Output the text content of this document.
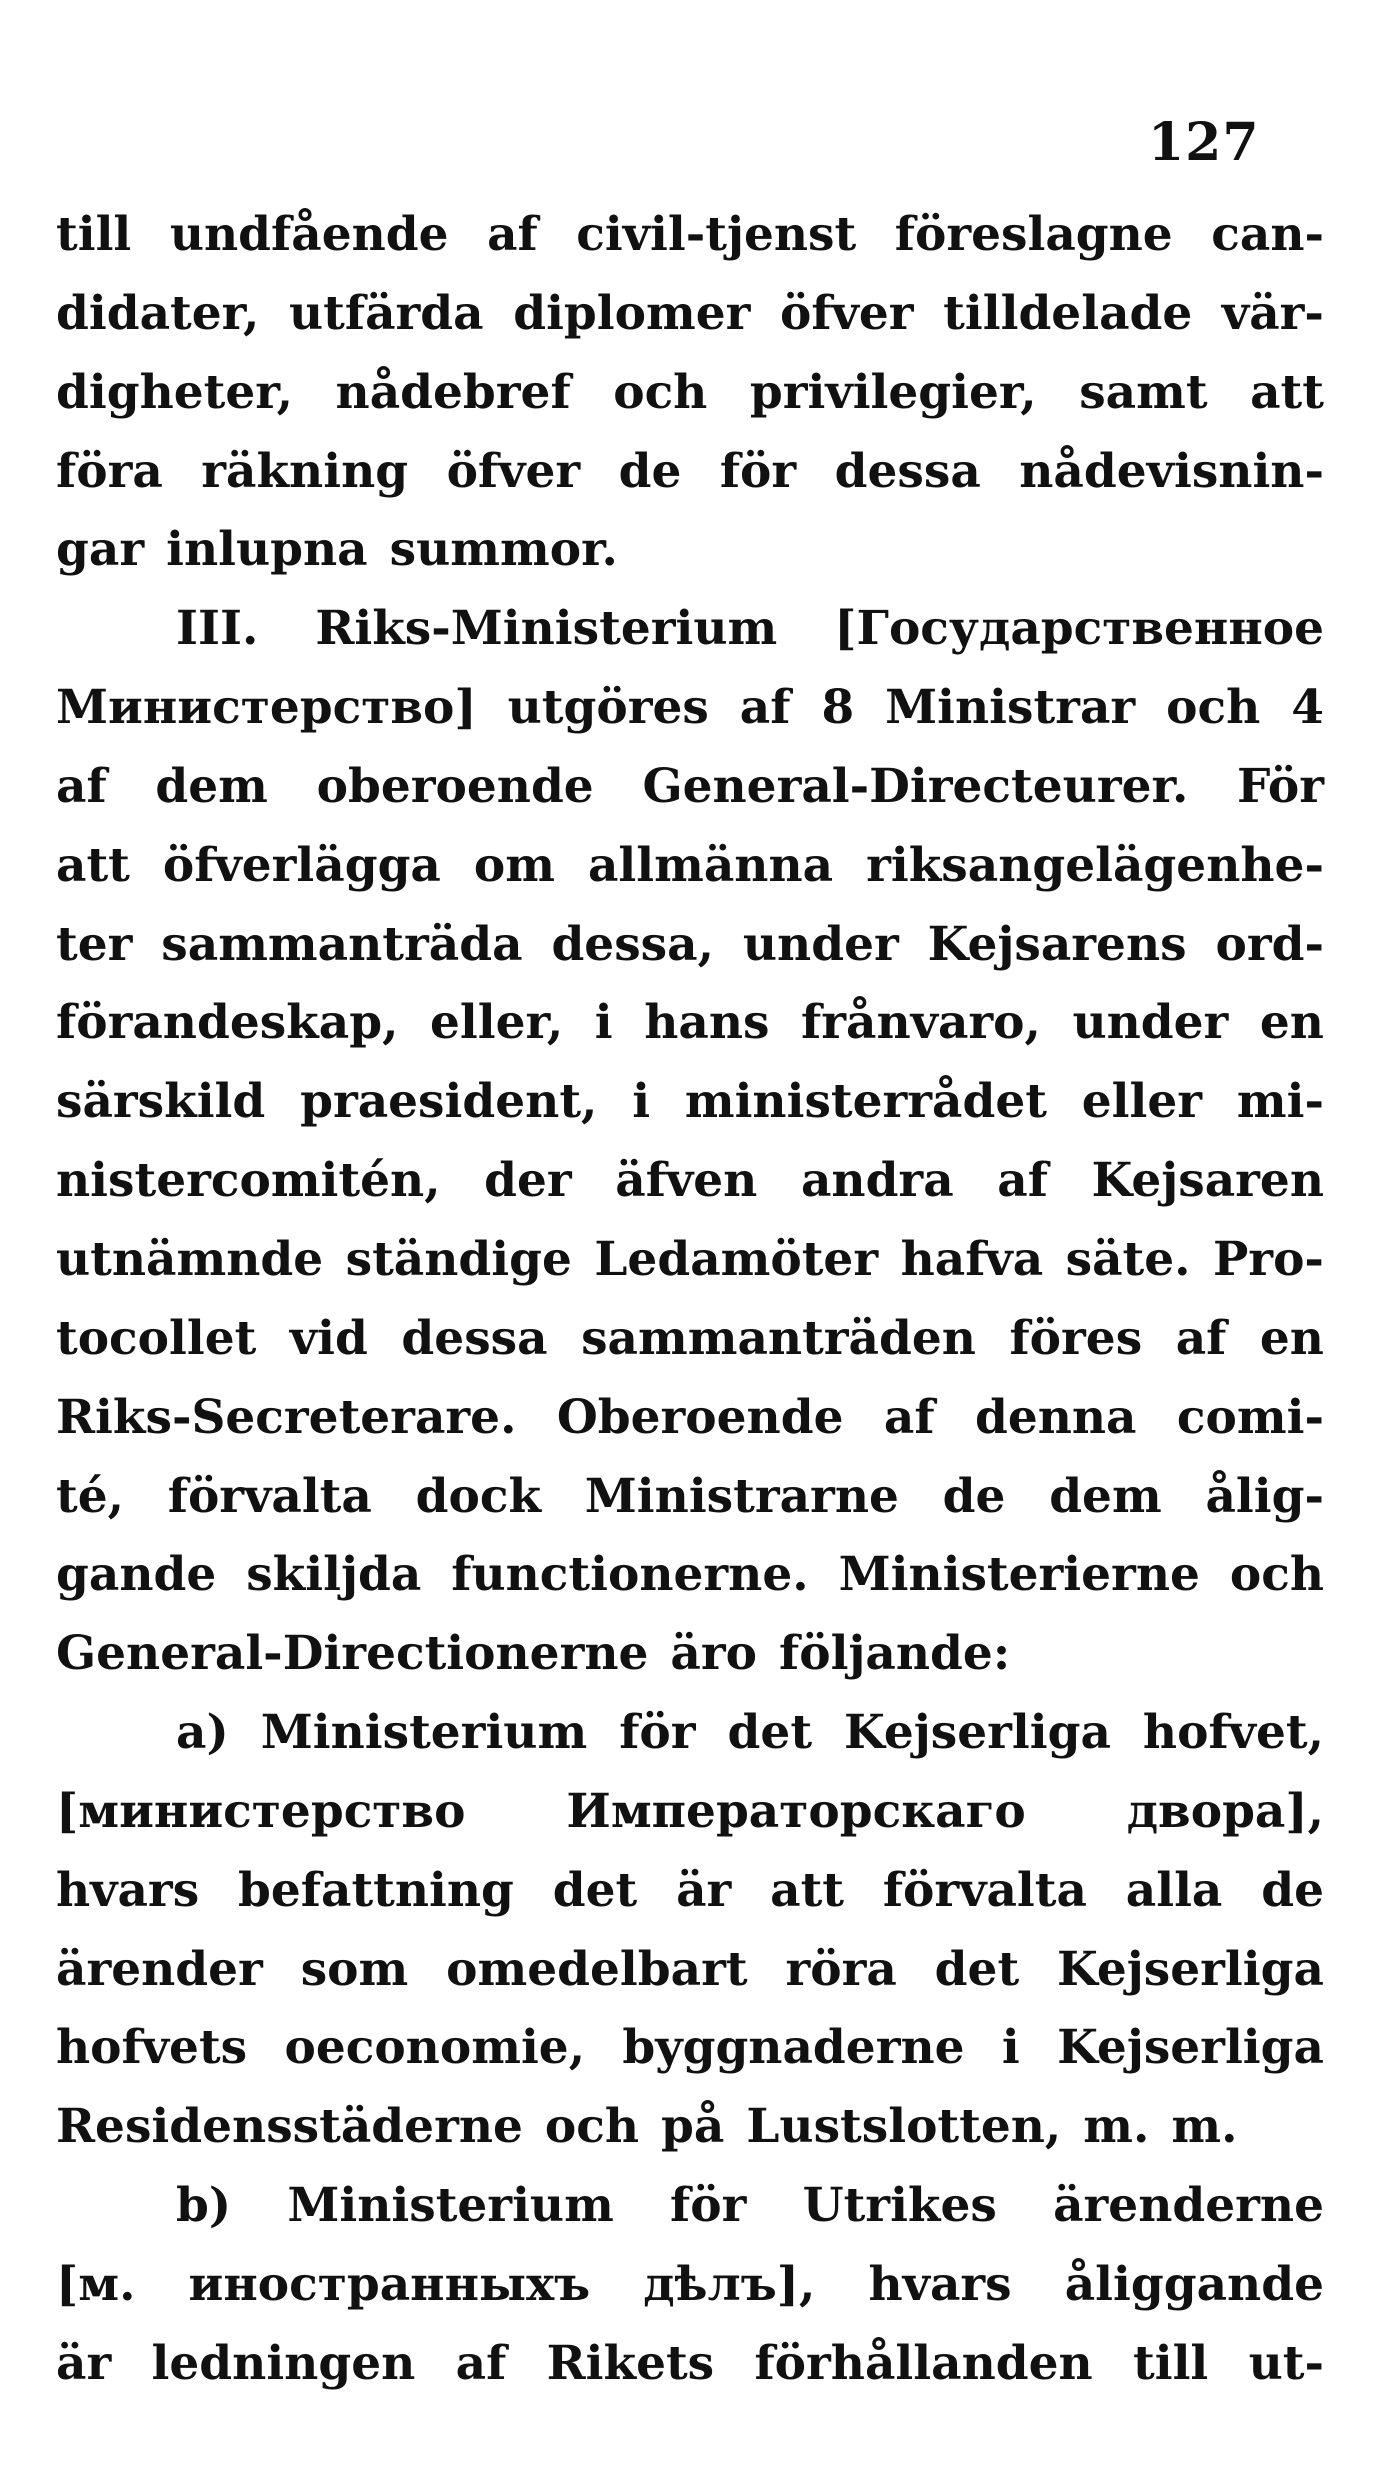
127
till undfående af civil-tjenst föreslagne can-
didater, utfärda diplomer öfver tilldelade vär-
digheter, nådebref och privilegier, samt att
föra räkning öfver de för dessa nådevisnin-
gar inlupna summor.
III. Riks-Ministerium [Государственное
Министерство] utgöres af 8 Ministrar och 4
af dem oberoende General-Directeurer. För
att öfverlägga om allmänna riksangelägenhe-
ter sammanträda dessa, under Kejsarens ord-
förandeskap, eller, i hans frånvaro, under en
särskild praesident, i ministerrådet eller mi-
nistercomitén, der äfven andra af Kejsaren
utnämnde ständige Ledamöter hafva säte. Pro-
tocollet vid dessa sammanträden föres af en
Riks-Secreterare. Oberoende af denna comi-
té, förvalta dock Ministrarne de dem ålig-
gande skiljda functionerne. Ministerierne och
General-Directionerne äro följande:
a) Ministerium för det Kejserliga hofvet,
[министерство Императорскаго двора],
hvars befattning det är att förvalta alla de
ärender som omedelbart röra det Kejserliga
hofvets oeconomie, byggnaderne i Kejserliga
Residensstäderne och på Lustslotten, m. m.
b) Ministerium för Utrikes ärenderne
[м. иностранныхъ дѣлъ], hvars åliggande
är ledningen af Rikets förhållanden till ut-
